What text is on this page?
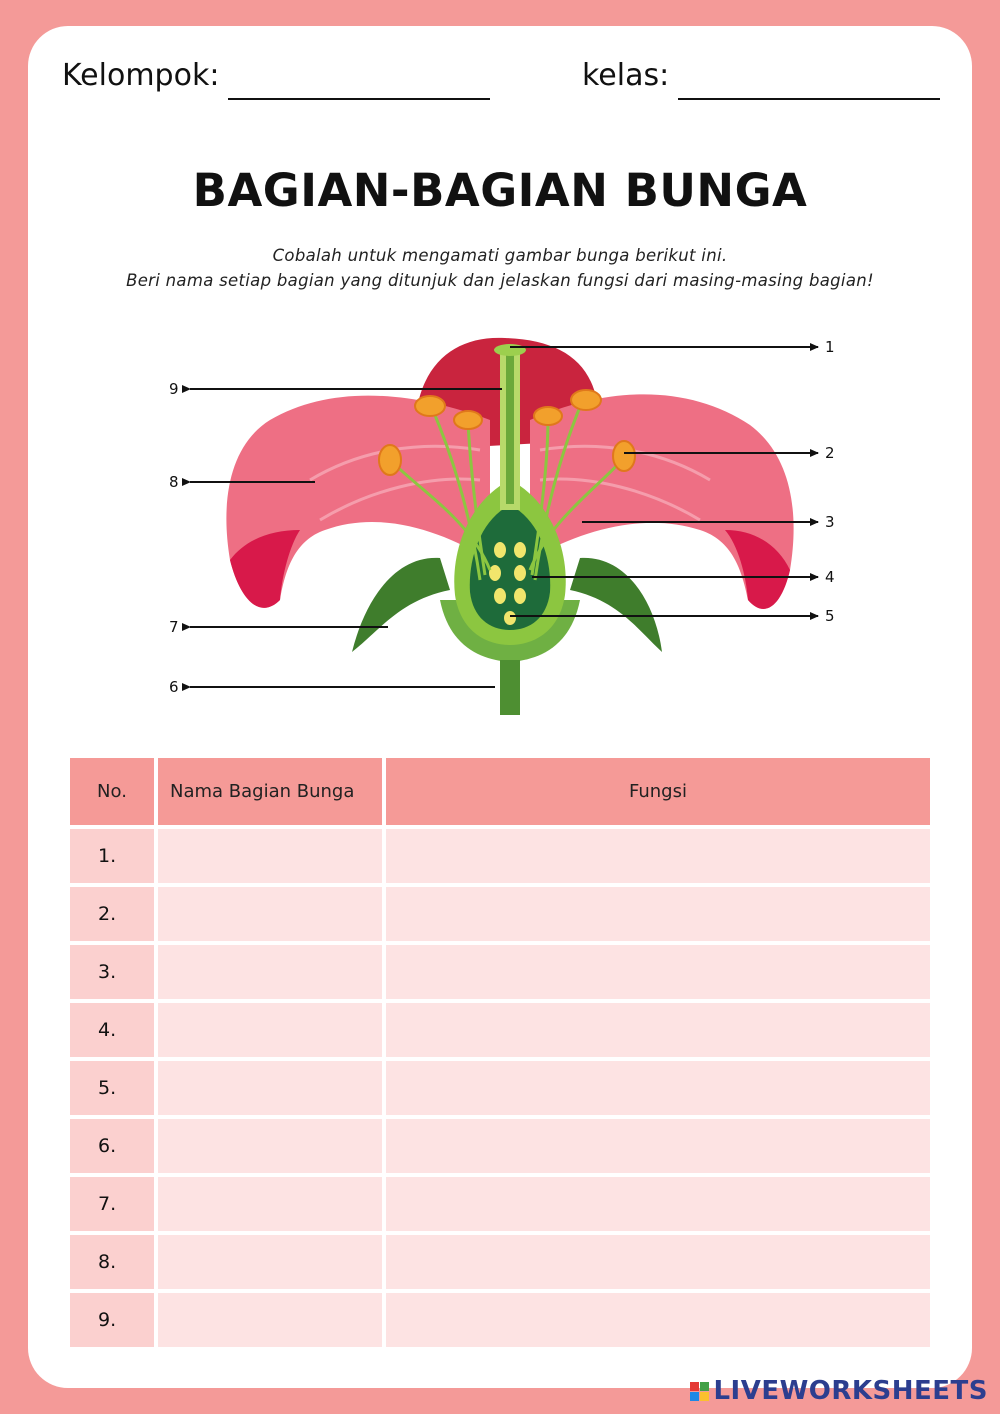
Kelompok:	kelas:
BAGIAN-BAGIAN BUNGA
Cobalah untuk mengamati gambar bunga berikut ini.
Beri nama setiap bagian yang ditunjuk dan jelaskan fungsi dari masing-masing bagian!
1
2
3
4
5
6
7
8
9
No.	Nama Bagian Bunga	Fungsi
1.		
2.		
3.		
4.		
5.		
6.		
7.		
8.		
9.		
LIVEWORKSHEETS
